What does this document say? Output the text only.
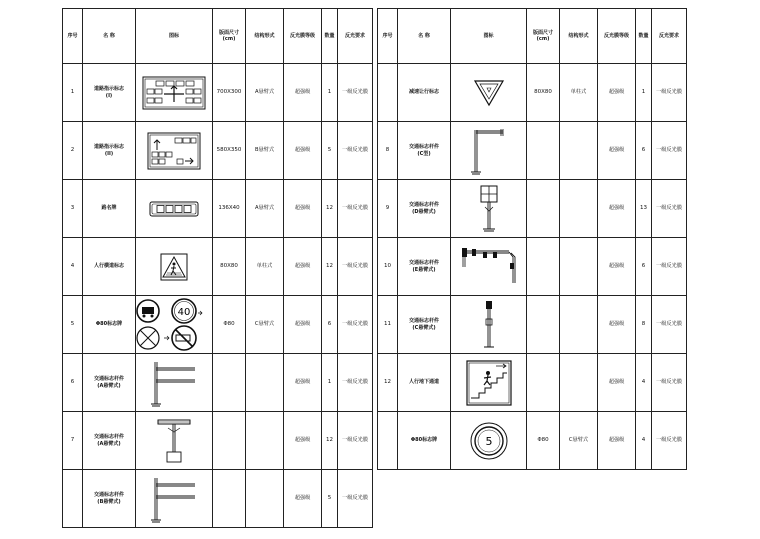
序号	名 称	图标	版面尺寸
(cm)	结构形式	反光膜等级	数量	反光要求
1	道路指示标志
(I)		700X300	A悬臂式	超强级	1	一级反光膜
2	道路指示标志
(II)		580X350	B悬臂式	超强级	5	一级反光膜
3	路名牌		136X40	A悬臂式	超强级	12	一级反光膜
4	人行横道标志		80X80	单柱式	超强级	12	一级反光膜
5	Φ80标志牌	40	Φ80	C悬臂式	超强级	6	一级反光膜
6	交通标志杆件
(A悬臂式)				超强级	1	一级反光膜
7	交通标志杆件
(A悬臂式)				超强级	12	一级反光膜
	交通标志杆件
(B悬臂式)				超强级	5	一级反光膜
序号	名 称	图标	版面尺寸
(cm)	结构形式	反光膜等级	数量	反光要求
	减速让行标志		80X80	单柱式	超强级	1	一级反光膜
8	交通标志杆件
(C型)				超强级	6	一级反光膜
9	交通标志杆件
(D悬臂式)				超强级	13	一级反光膜
10	交通标志杆件
(E悬臂式)				超强级	6	一级反光膜
11	交通标志杆件
(C悬臂式)				超强级	8	一级反光膜
12	人行地下通道				超强级	4	一级反光膜
	Φ80标志牌	5	Φ80	C悬臂式	超强级	4	一级反光膜
